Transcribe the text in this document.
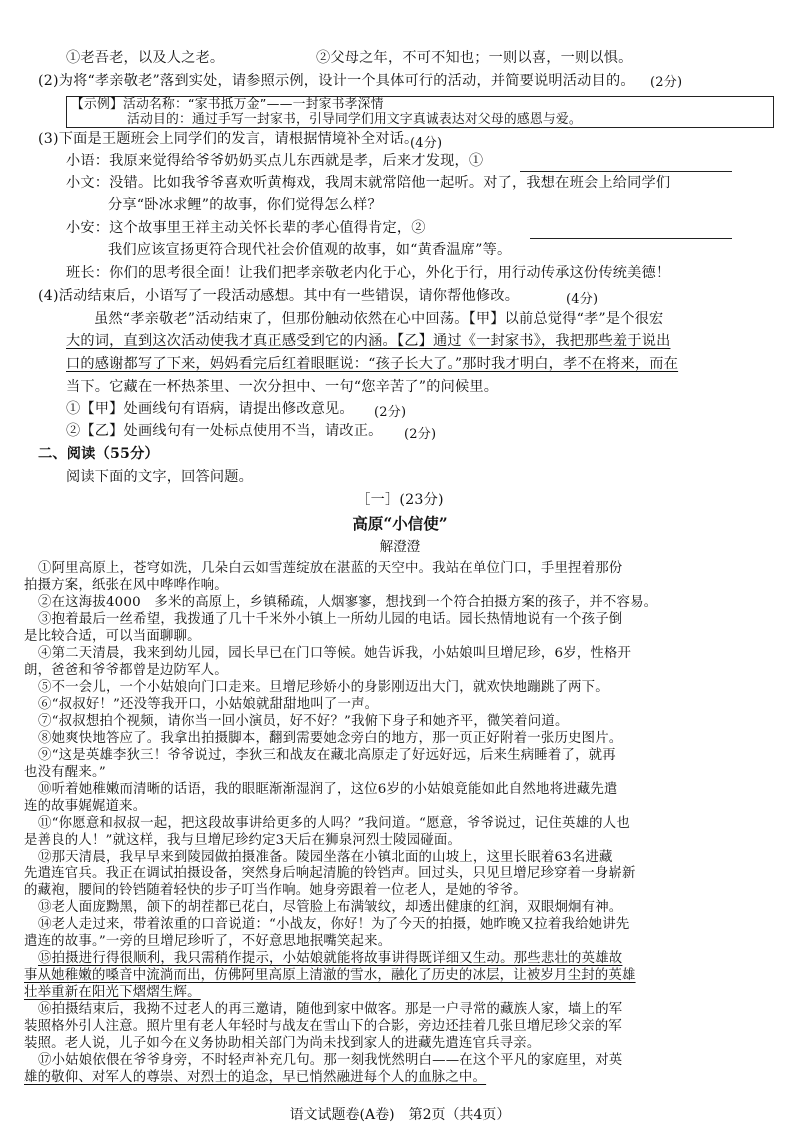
①老吾老，以及人之老。	②父母之年，不可不知也；一则以喜，一则以惧。
(2)为将“孝亲敬老”落到实处，请参照示例，设计一个具体可行的活动，并简要说明活动目的。 (2分)
【示例】活动名称：“家书抵万金”——一封家书孝深情
活动目的：通过手写一封家书，引导同学们用文字真诚表达对父母的感恩与爱。
(3)下面是王题班会上同学们的发言，请根据情境补全对话。
(4分)
小语：我原来觉得给爷爷奶奶买点儿东西就是孝，后来才发现，①
小文：没错。比如我爷爷喜欢听黄梅戏，我周末就常陪他一起听。对了，我想在班会上给同学们
分享“卧冰求鲤”的故事，你们觉得怎么样？
小安：这个故事里王祥主动关怀长辈的孝心值得肯定，②
我们应该宣扬更符合现代社会价值观的故事，如“黄香温席”等。
班长：你们的思考很全面！让我们把孝亲敬老内化于心，外化于行，用行动传承这份传统美德！
(4)活动结束后，小语写了一段活动感想。其中有一些错误，请你帮他修改。	(4分)
虽然“孝亲敬老”活动结束了，但那份触动依然在心中回荡。【甲】以前总觉得“孝”是个很宏
大的词，直到这次活动使我才真正感受到它的内涵。【乙】通过《一封家书》，我把那些羞于说出
口的感谢都写了下来，妈妈看完后红着眼眶说：“孩子长大了。”那时我才明白，孝不在将来，而在
当下。它藏在一杯热茶里、一次分担中、一句“您辛苦了”的问候里。
①【甲】处画线句有语病，请提出修改意见。 (2分)
②【乙】处画线句有一处标点使用不当，请改正。 (2分)
二、阅读（55分）
阅读下面的文字，回答问题。
［一］(23分)
高原“小信使”
解澄澄
①阿里高原上，苍穹如洗，几朵白云如雪莲绽放在湛蓝的天空中。我站在单位门口，手里捏着那份
拍摄方案，纸张在风中哗哗作响。
②在这海拔4000　多米的高原上，乡镇稀疏，人烟寥寥，想找到一个符合拍摄方案的孩子，并不容易。
③抱着最后一丝希望，我拨通了几十千米外小镇上一所幼儿园的电话。园长热情地说有一个孩子倒
是比较合适，可以当面聊聊。
④第二天清晨，我来到幼儿园，园长早已在门口等候。她告诉我，小姑娘叫旦增尼珍，6岁，性格开
朗，爸爸和爷爷都曾是边防军人。
⑤不一会儿，一个小姑娘向门口走来。旦增尼珍娇小的身影刚迈出大门，就欢快地蹦跳了两下。
⑥“叔叔好！”还没等我开口，小姑娘就甜甜地叫了一声。
⑦“叔叔想拍个视频，请你当一回小演员，好不好？”我俯下身子和她齐平，微笑着问道。
⑧她爽快地答应了。我拿出拍摄脚本，翻到需要她念旁白的地方，那一页正好附着一张历史图片。
⑨“这是英雄李狄三！爷爷说过，李狄三和战友在藏北高原走了好远好远，后来生病睡着了，就再
也没有醒来。”
⑩听着她稚嫩而清晰的话语，我的眼眶渐渐湿润了，这位6岁的小姑娘竟能如此自然地将进藏先遣
连的故事娓娓道来。
⑪“你愿意和叔叔一起，把这段故事讲给更多的人吗？”我问道。“愿意，爷爷说过，记住英雄的人也
是善良的人！”就这样，我与旦增尼珍约定3天后在狮泉河烈士陵园碰面。
⑫那天清晨，我早早来到陵园做拍摄准备。陵园坐落在小镇北面的山坡上，这里长眠着63名进藏
先遣连官兵。我正在调试拍摄设备，突然身后响起清脆的铃铛声。回过头，只见旦增尼珍穿着一身崭新
的藏袍，腰间的铃铛随着轻快的步子叮当作响。她身旁跟着一位老人，是她的爷爷。
⑬老人面庞黝黑，颌下的胡茬都已花白，尽管脸上布满皱纹，却透出健康的红润，双眼炯炯有神。
⑭老人走过来，带着浓重的口音说道：“小战友，你好！为了今天的拍摄，她昨晚又拉着我给她讲先
遣连的故事。”一旁的旦增尼珍听了，不好意思地抿嘴笑起来。
⑮拍摄进行得很顺利，我只需稍作提示，小姑娘就能将故事讲得既详细又生动。那些悲壮的英雄故
事从她稚嫩的嗓音中流淌而出，仿佛阿里高原上清澈的雪水，融化了历史的冰层，让被岁月尘封的英雄
语文试题卷(A卷)　第2页（共4页）
壮举重新在阳光下熠熠生辉。
⑯拍摄结束后，我拗不过老人的再三邀请，随他到家中做客。那是一户寻常的藏族人家，墙上的军
装照格外引人注意。照片里有老人年轻时与战友在雪山下的合影，旁边还挂着几张旦增尼珍父亲的军
装照。老人说，儿子如今在义务协助相关部门为尚未找到家人的进藏先遣连官兵寻亲。
⑰小姑娘依偎在爷爷身旁，不时轻声补充几句。那一刻我恍然明白——在这个平凡的家庭里，对英
雄的敬仰、对军人的尊崇、对烈士的追念，早已悄然融进每个人的血脉之中。
